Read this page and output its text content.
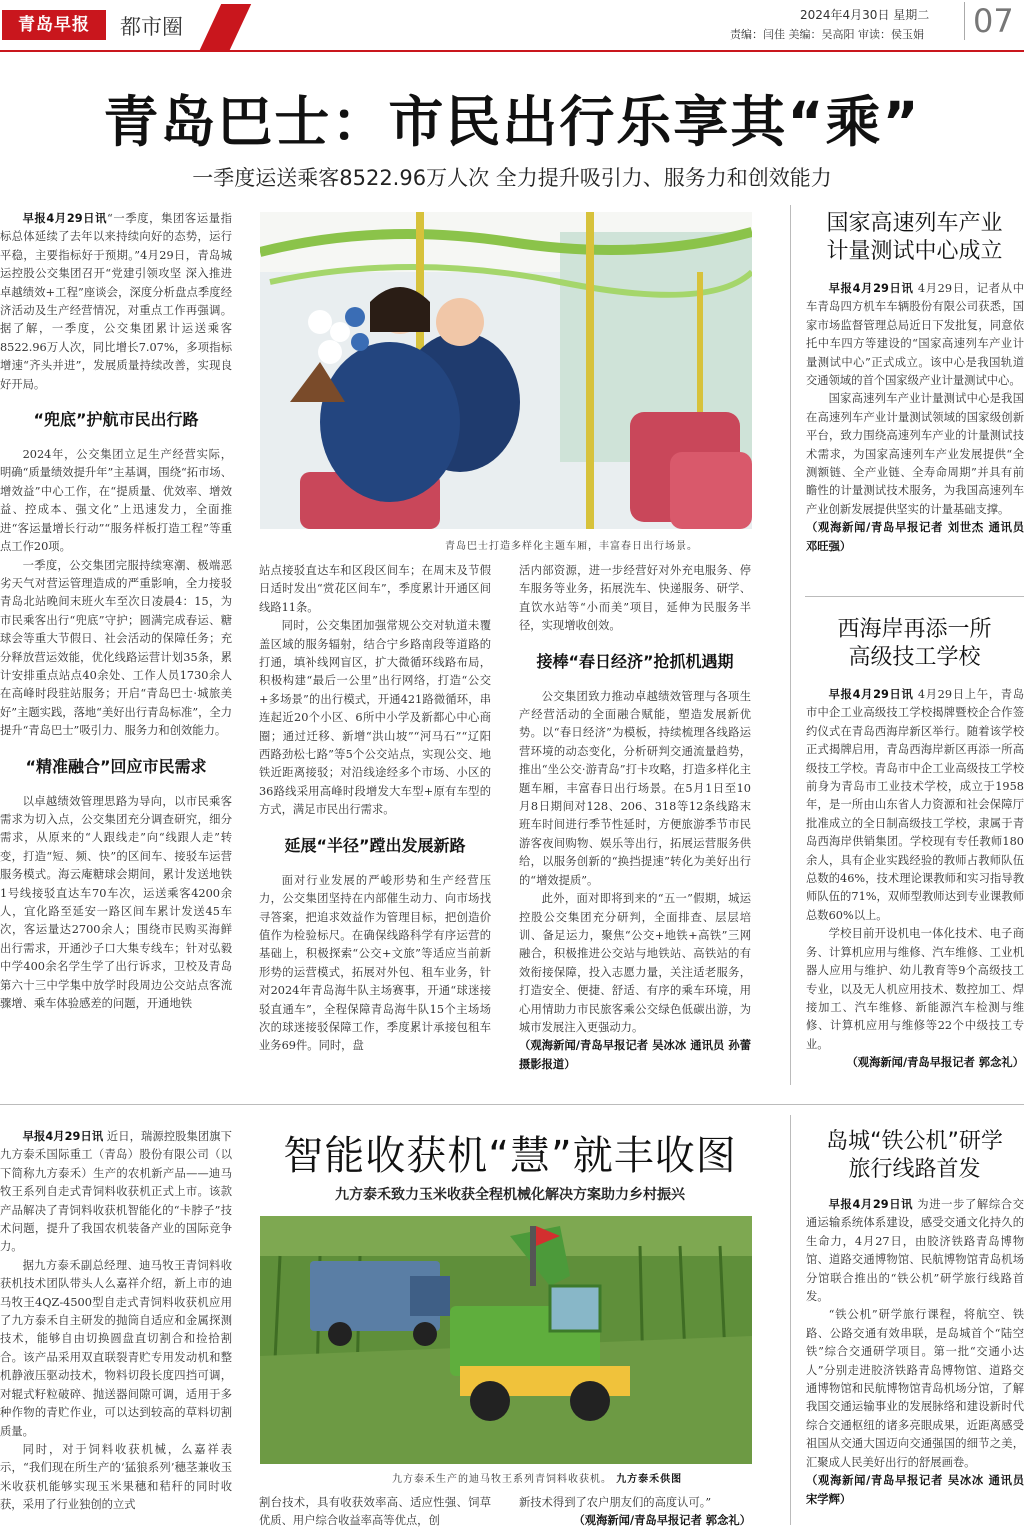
青岛早报	都市圈	2024年4月30日 星期二
责编：闫佳 美编：吴高阳 审读：侯玉娟 07
青岛巴士：市民出行乐享其“乘”
一季度运送乘客8522.96万人次 全力提升吸引力、服务力和创效能力

早报4月29日讯“一季度，集团客运量指标总体延续了去年以来持续向好的态势，运行平稳，主要指标好于预期。”4月29日，青岛城运控股公交集团召开“党建引领攻坚 深入推进卓越绩效+工程”座谈会，深度分析盘点季度经济活动及生产经营情况，对重点工作再强调。据了解，一季度，公交集团累计运送乘客8522.96万人次，同比增长7.07%，多项指标增速“齐头并进”，发展质量持续改善，实现良好开局。

“兜底”护航市民出行路

2024年，公交集团立足生产经营实际，明确“质量绩效提升年”主基调，围绕“拓市场、增效益”中心工作，在“提质量、优效率、增效益、控成本、强文化”上迅速发力，全面推进“客运量增长行动”“服务样板打造工程”等重点工作20项。

一季度，公交集团完服持续寒潮、极端恶劣天气对营运管理造成的严重影响，全力接驳青岛北站晚间末班火车至次日凌晨4：15，为市民乘客出行“兜底”守护；圆满完成春运、糖球会等重大节假日、社会活动的保障任务；充分释放营运效能，优化线路运营计划35条，累计安排重点站点40余处、工作人员1730余人在高峰时段驻站服务；开启“青岛巴士·城旅美好”主题实践，落地“美好出行青岛标准”，全力提升“青岛巴士”吸引力、服务力和创效能力。

“精准融合”回应市民需求

以卓越绩效管理思路为导向，以市民乘客需求为切入点，公交集团充分调查研究，细分需求，从原来的“人跟线走”向“线跟人走”转变，打造“短、频、快”的区间车、接驳车运营服务模式。海云庵糖球会期间，累计发送地铁1号线接驳直达车70车次，运送乘客4200余人，宜化路至延安一路区间车累计发送45车次，客运量达2700余人；围绕市民购买海鲜出行需求，开通沙子口大集专线车；针对弘毅中学400余名学生学了出行诉求，卫校及青岛第六十三中学集中放学时段周边公交站点客流骤增、乘车体验感差的问题，开通地铁

青岛巴士打造多样化主题车厢，丰富春日出行场景。

站点接驳直达车和区段区间车；在周末及节假日适时发出“赏花区间车”，季度累计开通区间线路11条。

同时，公交集团加强常规公交对轨道未覆盖区域的服务辐射，结合宁乡路南段等道路的打通，填补线网盲区，扩大微循环线路布局，积极构建“最后一公里”出行网络，打造“公交+多场景”的出行模式，开通421路微循环，串连起近20个小区、6所中小学及新都心中心商圈；通过迁移、新增“洪山坡”“河马石”“辽阳西路劲松七路”等5个公交站点，实现公交、地铁近距离接驳；对沿线途经多个市场、小区的36路线采用高峰时段增发大车型+原有车型的方式，满足市民出行需求。

延展“半径”蹚出发展新路

面对行业发展的严峻形势和生产经营压力，公交集团坚持在内部催生动力、向市场找寻答案，把追求效益作为管理目标，把创造价值作为检验标尺。在确保线路科学有序运营的基础上，积极探索“公交+文旅”等适应当前新形势的运营模式，拓展对外包、租车业务，针对2024年青岛海牛队主场赛事，开通“球迷接驳直通车”，全程保障青岛海牛队15个主场场次的球迷接驳保障工作，季度累计承接包租车业务69件。同时，盘

活内部资源，进一步经营好对外充电服务、停车服务等业务，拓展洗车、快递服务、研学、直饮水站等“小而美”项目，延伸为民服务半径，实现增收创效。

接棒“春日经济”抢抓机遇期

公交集团致力推动卓越绩效管理与各项生产经营活动的全面融合赋能，塑造发展新优势。以“春日经济”为模板，持续梳理各线路运营环境的动态变化，分析研判交通流量趋势，推出“坐公交·游青岛”打卡攻略，打造多样化主题车厢，丰富春日出行场景。在5月1日至10月8日期间对128、206、318等12条线路末班车时间进行季节性延时，方便旅游季节市民游客夜间购物、娱乐等出行，拓展运营服务供给，以服务创新的“换挡提速”转化为美好出行的“增效提质”。

此外，面对即将到来的“五一”假期，城运控股公交集团充分研判，全面排查、层层培训、备足运力，聚焦“公交+地铁+高铁”三网融合，积极推进公交站与地铁站、高铁站的有效衔接保障，投入志愿力量，关注适老服务，打造安全、便捷、舒适、有序的乘车环境，用心用情助力市民旅客乘公交绿色低碳出游，为城市发展注入更强动力。

（观海新闻/青岛早报记者 吴冰冰 通讯员 孙蕾 摄影报道）

国家高速列车产业
计量测试中心成立

早报4月29日讯 4月29日，记者从中车青岛四方机车车辆股份有限公司获悉，国家市场监督管理总局近日下发批复，同意依托中车四方等建设的“国家高速列车产业计量测试中心”正式成立。该中心是我国轨道交通领域的首个国家级产业计量测试中心。

国家高速列车产业计量测试中心是我国在高速列车产业计量测试领域的国家级创新平台，致力围绕高速列车产业的计量测试技术需求，为国家高速列车产业发展提供“全测额链、全产业链、全寿命周期”并具有前瞻性的计量测试技术服务，为我国高速列车产业创新发展提供坚实的计量基础支撑。

（观海新闻/青岛早报记者 刘世杰 通讯员 邓旺强）

西海岸再添一所
高级技工学校

早报4月29日讯 4月29日上午，青岛市中企工业高级技工学校揭牌暨校企合作签约仪式在青岛西海岸新区举行。随着该学校正式揭牌启用，青岛西海岸新区再添一所高级技工学校。青岛市中企工业高级技工学校前身为青岛市工业技术学校，成立于1958年，是一所由山东省人力资源和社会保障厅批准成立的全日制高级技工学校，隶属于青岛西海岸供销集团。学校现有专任教师180余人，具有企业实践经验的教师占教师队伍总数的46%，技术理论课教师和实习指导教师队伍的71%，双师型教师达到专业课教师总数60%以上。

学校目前开设机电一体化技术、电子商务、计算机应用与维修、汽车维修、工业机器人应用与维护、幼儿教育等9个高级技工专业，以及无人机应用技术、数控加工、焊接加工、汽车维修、新能源汽车检测与维修、计算机应用与维修等22个中级技工专业。

（观海新闻/青岛早报记者 郭念礼）

早报4月29日讯 近日，瑞源控股集团旗下九方泰禾国际重工（青岛）股份有限公司（以下简称九方泰禾）生产的农机新产品——迪马牧王系列自走式青饲料收获机正式上市。该款产品解决了青饲料收获机智能化的“卡脖子”技术问题，提升了我国农机装备产业的国际竞争力。

据九方泰禾副总经理、迪马牧王青饲料收获机技术团队带头人么嘉祥介绍，新上市的迪马牧王4QZ-4500型自走式青饲料收获机应用了九方泰禾自主研发的抛筒自适应和金属探测技术，能够自由切换圆盘直切割合和捡拾割合。该产品采用双直联裂青贮专用发动机和整机静液压驱动技术，物料切段长度四挡可调，对辊式籽粒破碎、抛送器间隙可调，适用于多种作物的青贮作业，可以达到较高的草料切割质量。

同时，对于饲料收获机械，么嘉祥表示，“我们现在所生产的‘猛狼系列’穗茎兼收玉米收获机能够实现玉米果穗和秸秆的同时收获，采用了行业独创的立式

智能收获机“慧”就丰收图
九方泰禾致力玉米收获全程机械化解决方案助力乡村振兴
九方泰禾生产的迪马牧王系列青饲料收获机。 九方泰禾供图

割台技术，具有收获效率高、适应性强、饲草优质、用户综合收益率高等优点，创

新技术得到了农户朋友们的高度认可。”

（观海新闻/青岛早报记者 郭念礼）

岛城“铁公机”研学
旅行线路首发

早报4月29日讯 为进一步了解综合交通运输系统体系建设，感受交通文化持久的生命力，4月27日，由胶济铁路青岛博物馆、道路交通博物馆、民航博物馆青岛机场分馆联合推出的“铁公机”研学旅行线路首发。

“铁公机”研学旅行课程，将航空、铁路、公路交通有效串联，是岛城首个“陆空铁”综合交通研学项目。第一批“交通小达人”分别走进胶济铁路青岛博物馆、道路交通博物馆和民航博物馆青岛机场分馆，了解我国交通运输事业的发展脉络和建设新时代综合交通枢纽的诸多亮眼成果，近距离感受祖国从交通大国迈向交通强国的细节之美，汇聚成人民美好出行的舒展画卷。

（观海新闻/青岛早报记者 吴冰冰 通讯员 宋学辉）
